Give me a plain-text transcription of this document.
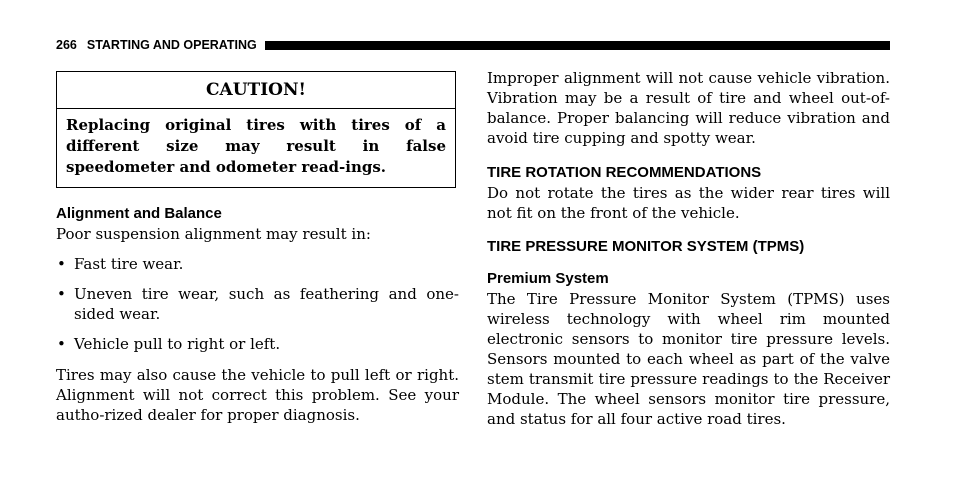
266 STARTING AND OPERATING
CAUTION!
Replacing original tires with tires of a different size may result in false speedometer and odometer read-ings.

Alignment and Balance

Poor suspension alignment may result in:

• Fast tire wear.
• Uneven tire wear, such as feathering and one-sided wear.
• Vehicle pull to right or left.

Tires may also cause the vehicle to pull left or right. Alignment will not correct this problem. See your autho-rized dealer for proper diagnosis.

Improper alignment will not cause vehicle vibration. Vibration may be a result of tire and wheel out-of-balance. Proper balancing will reduce vibration and avoid tire cupping and spotty wear.

TIRE ROTATION RECOMMENDATIONS

Do not rotate the tires as the wider rear tires will not fit on the front of the vehicle.

TIRE PRESSURE MONITOR SYSTEM (TPMS)

Premium System

The Tire Pressure Monitor System (TPMS) uses wireless technology with wheel rim mounted electronic sensors to monitor tire pressure levels. Sensors mounted to each wheel as part of the valve stem transmit tire pressure readings to the Receiver Module. The wheel sensors monitor tire pressure, and status for all four active road tires.
